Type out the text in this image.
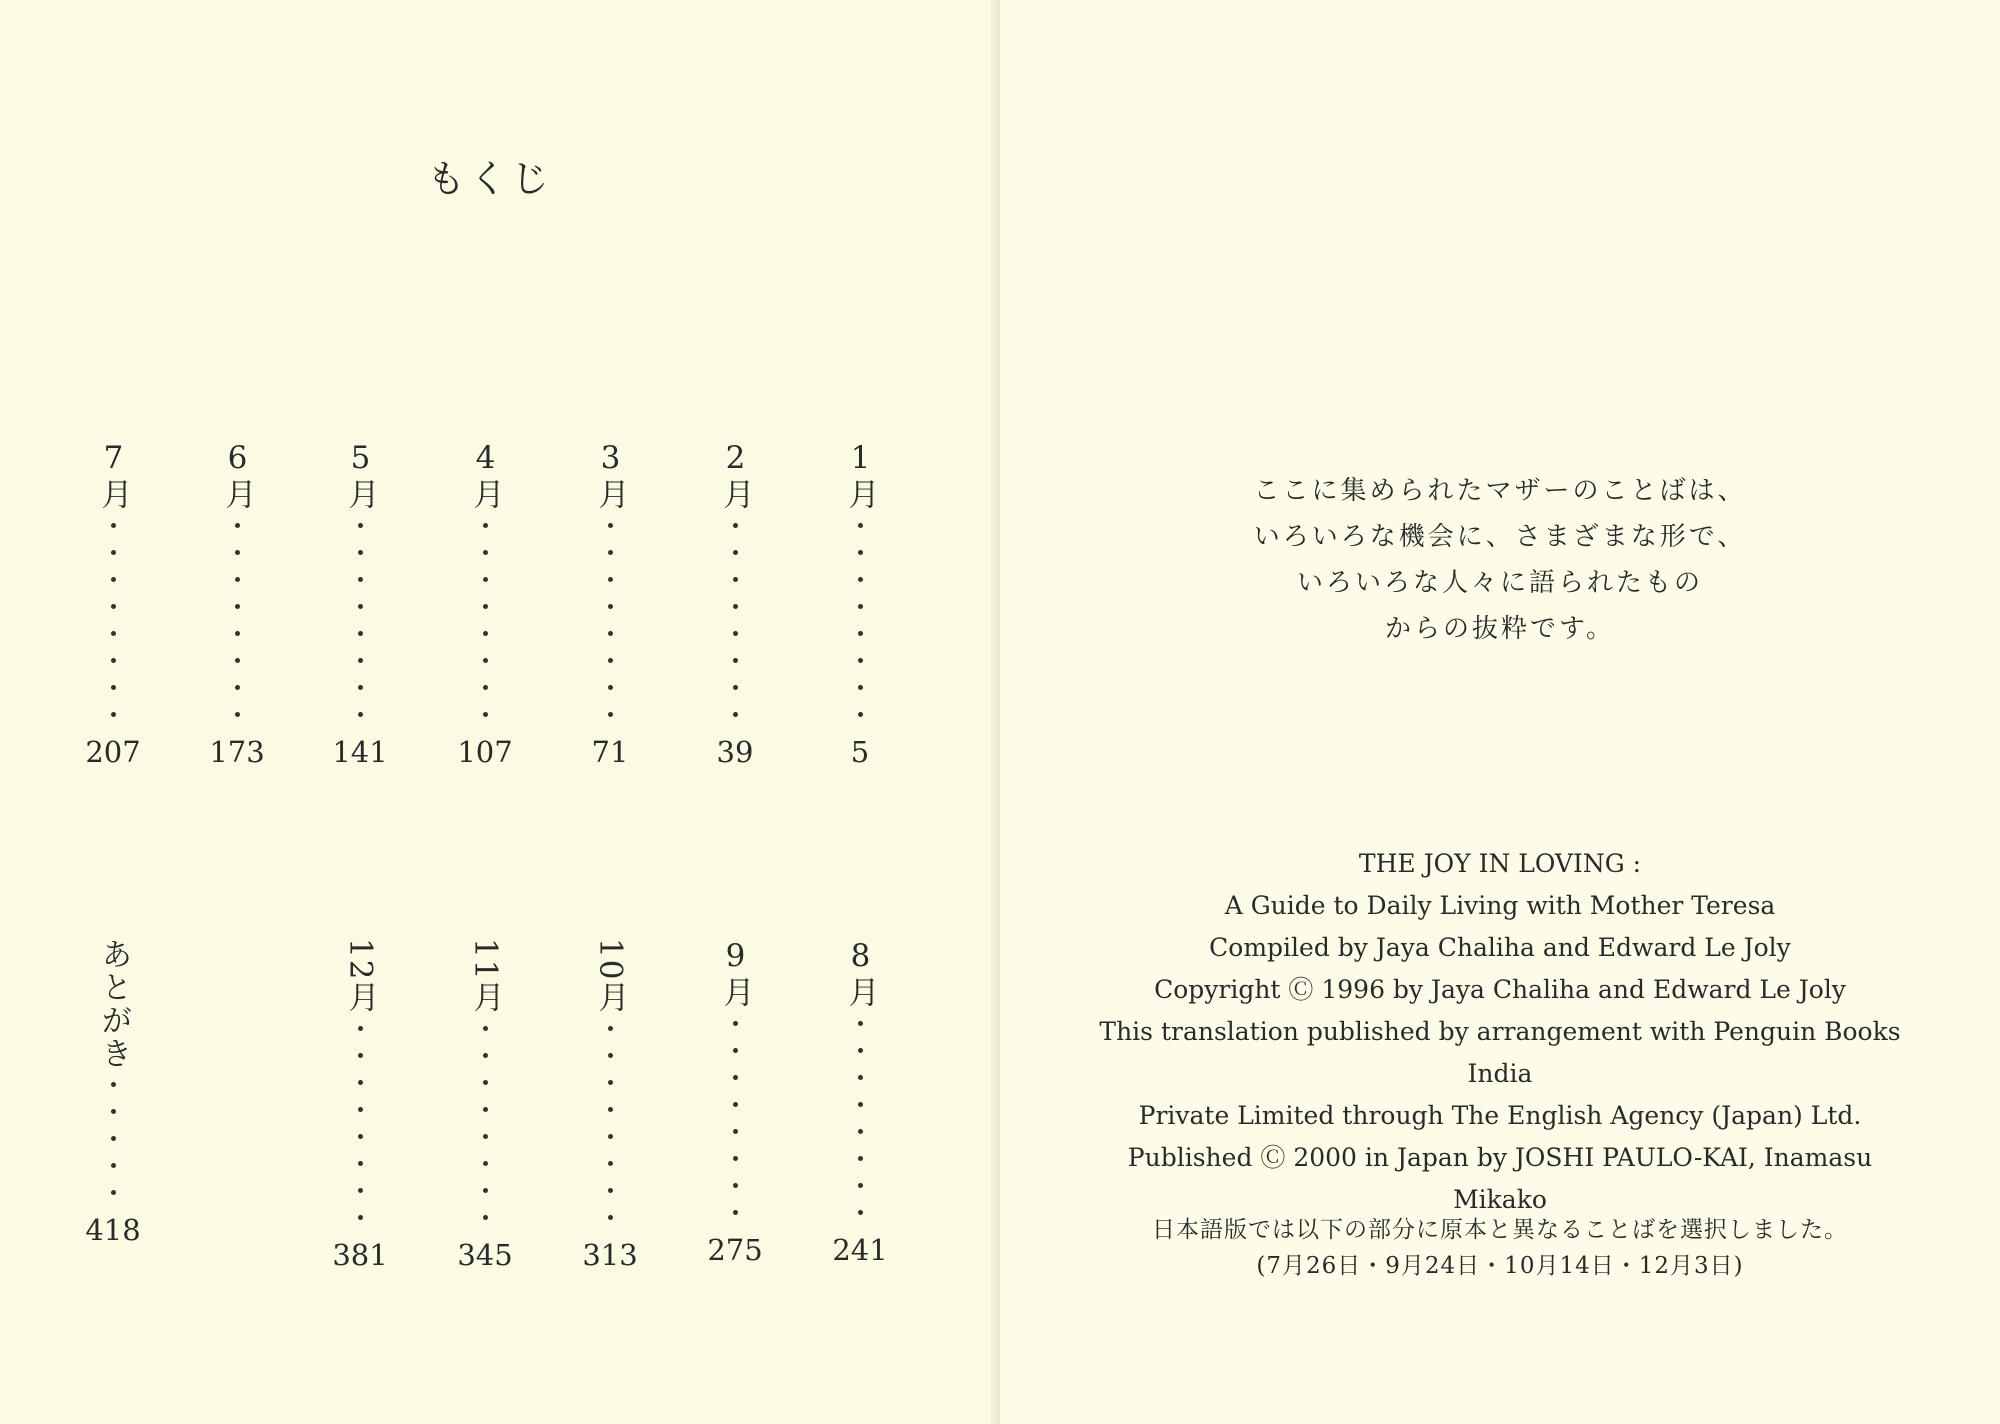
もくじ
1月
5
2月
39
3月
71
4月
107
5月
141
6月
173
7月
207
8月
241
9月
275
10月
313
11月
345
12月
381
あとがき
418
ここに集められたマザーのことばは、
いろいろな機会に、さまざまな形で、
いろいろな人々に語られたもの
からの抜粋です。
THE JOY IN LOVING :
A Guide to Daily Living with Mother Teresa
Compiled by Jaya Chaliha and Edward Le Joly
Copyright Ⓒ 1996 by Jaya Chaliha and Edward Le Joly
This translation published by arrangement with Penguin Books India
Private Limited through The English Agency (Japan) Ltd.
Published Ⓒ 2000 in Japan by JOSHI PAULO-KAI, Inamasu Mikako
日本語版では以下の部分に原本と異なることばを選択しました。
(7月26日・9月24日・10月14日・12月3日)
